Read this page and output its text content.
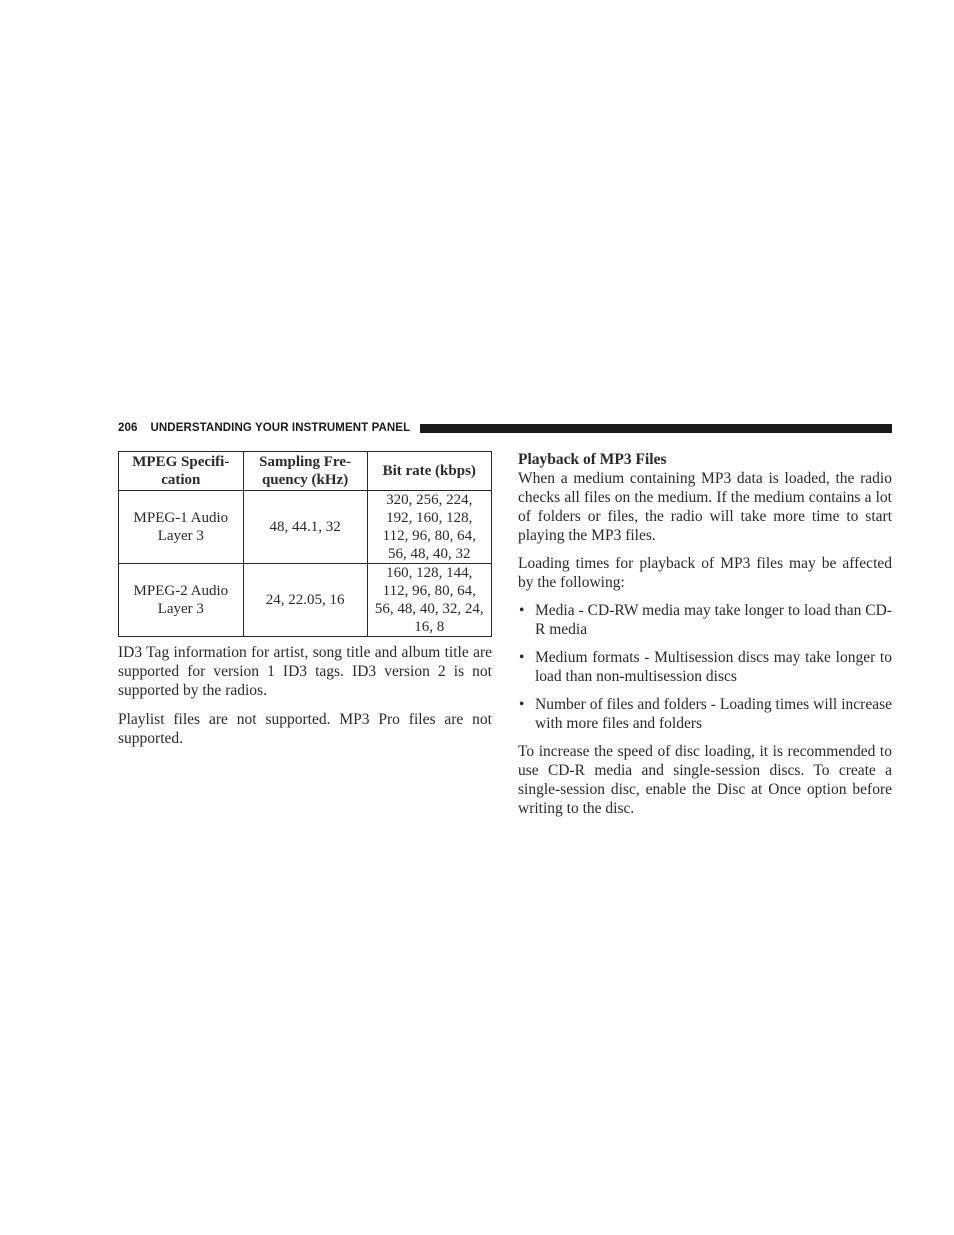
206 UNDERSTANDING YOUR INSTRUMENT PANEL
MPEG Specifi-
cation	Sampling Fre-
quency (kHz)	Bit rate (kbps)
MPEG-1 Audio
Layer 3	48, 44.1, 32	320, 256, 224,
192, 160, 128,
112, 96, 80, 64,
56, 48, 40, 32
MPEG-2 Audio
Layer 3	24, 22.05, 16	160, 128, 144,
112, 96, 80, 64,
56, 48, 40, 32, 24,
16, 8

ID3 Tag information for artist, song title and album title are supported for version 1 ID3 tags. ID3 version 2 is not supported by the radios.

Playlist files are not supported. MP3 Pro files are not supported.

Playback of MP3 Files

When a medium containing MP3 data is loaded, the radio checks all files on the medium. If the medium contains a lot of folders or files, the radio will take more time to start playing the MP3 files.

Loading times for playback of MP3 files may be affected by the following:

• Media - CD-RW media may take longer to load than CD-R media
• Medium formats - Multisession discs may take longer to load than non-multisession discs
• Number of files and folders - Loading times will increase with more files and folders

To increase the speed of disc loading, it is recommended to use CD-R media and single-session discs. To create a single-session disc, enable the Disc at Once option before writing to the disc.
